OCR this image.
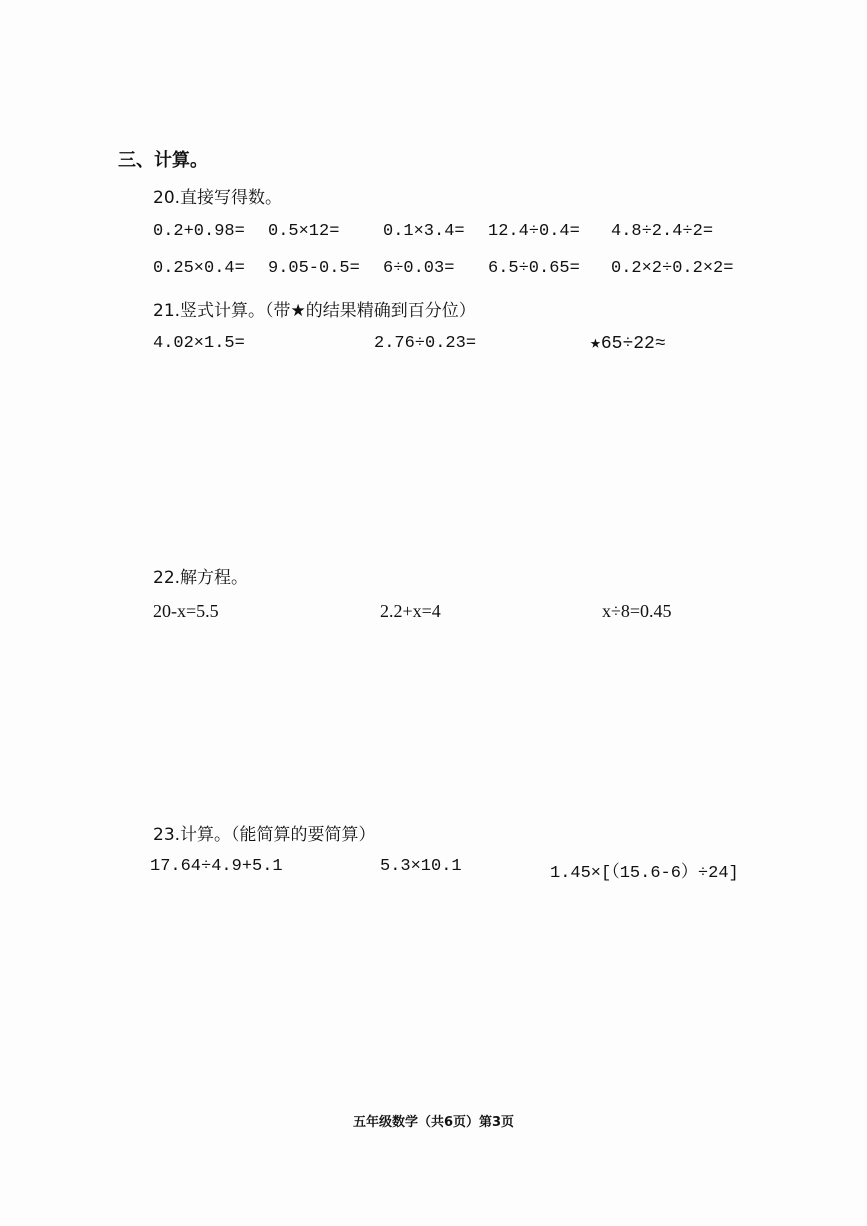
三、计算。
20.直接写得数。
0.2+0.98= 0.5×12=	0.1×3.4= 12.4÷0.4= 4.8÷2.4÷2=
0.25×0.4= 9.05-0.5= 6÷0.03= 6.5÷0.65= 0.2×2÷0.2×2=
21.竖式计算。（带★的结果精确到百分位）
4.02×1.5=	2.76÷0.23=	★65÷22≈
22.解方程。
20-x=5.5	2.2+x=4	x÷8=0.45
23.计算。（能简算的要简算）
17.64÷4.9+5.1	5.3×10.1	1.45×[（15.6-6）÷24]
五年级数学（共6页）第3页
